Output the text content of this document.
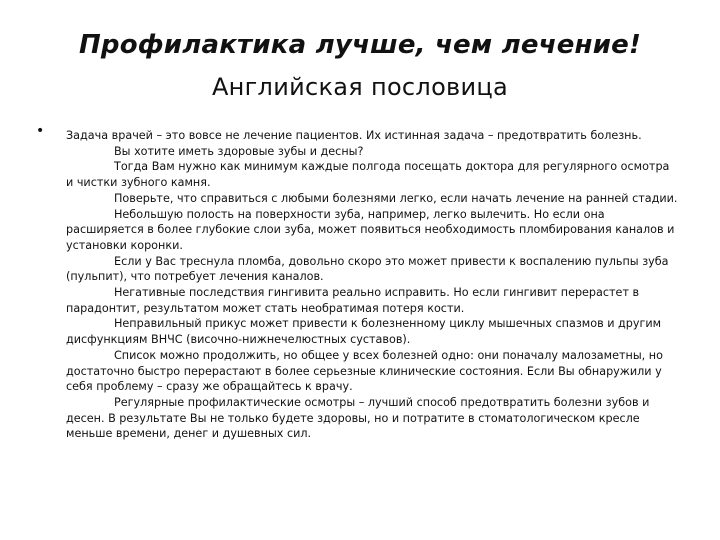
Профилактика лучше, чем лечение!
Английская пословица
• Задача врачей – это вовсе не лечение пациентов. Их истинная задача – предотвратить болезнь.

Вы хотите иметь здоровые зубы и десны?

Тогда Вам нужно как минимум каждые полгода посещать доктора для регулярного осмотра и чистки зубного камня.

Поверьте, что справиться с любыми болезнями легко, если начать лечение на ранней стадии.

Небольшую полость на поверхности зуба, например, легко вылечить. Но если она расширяется в более глубокие слои зуба, может появиться необходимость пломбирования каналов и установки коронки.

Если у Вас треснула пломба, довольно скоро это может привести к воспалению пульпы зуба (пульпит), что потребует лечения каналов.

Негативные последствия гингивита реально исправить. Но если гингивит перерастет в парадонтит, результатом может стать необратимая потеря кости.

Неправильный прикус может привести к болезненному циклу мышечных спазмов и другим дисфункциям ВНЧС (височно-нижнечелюстных суставов).

Список можно продолжить, но общее у всех болезней одно: они поначалу малозаметны, но достаточно быстро перерастают в более серьезные клинические состояния. Если Вы обнаружили у себя проблему – сразу же обращайтесь к врачу.

Регулярные профилактические осмотры – лучший способ предотвратить болезни зубов и десен. В результате Вы не только будете здоровы, но и потратите в стоматологическом кресле меньше времени, денег и душевных сил.
